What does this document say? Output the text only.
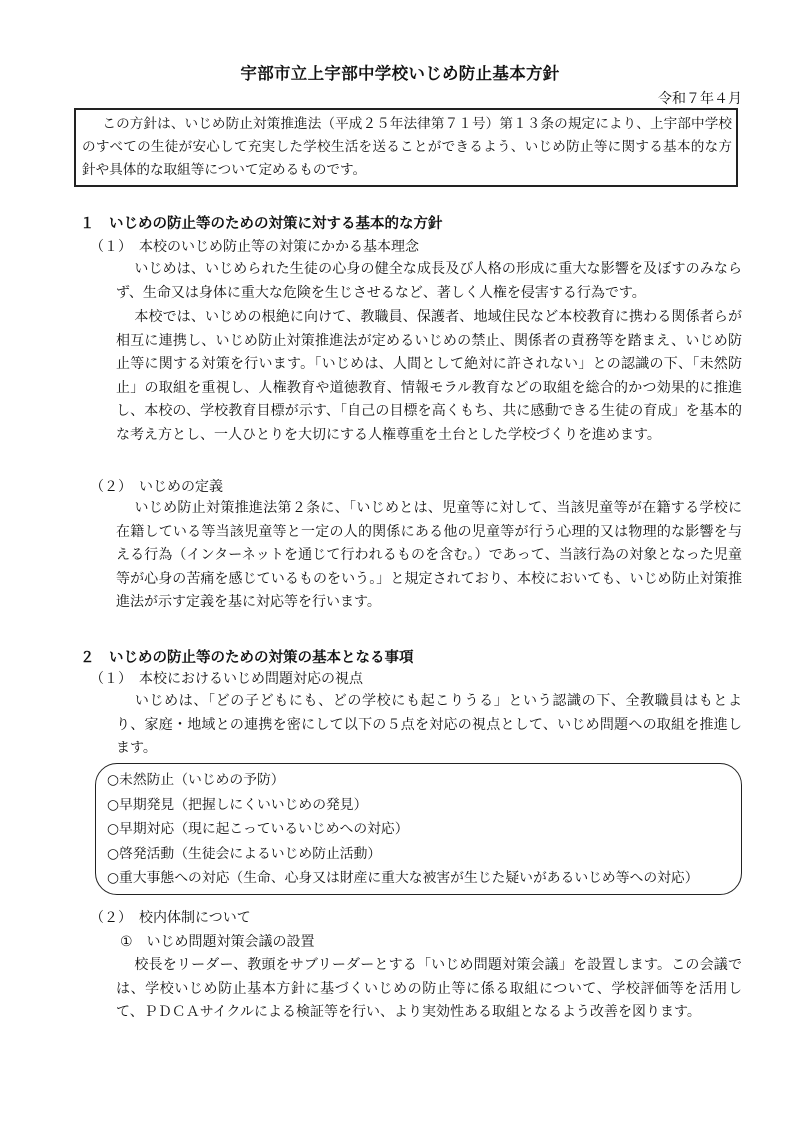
宇部市立上宇部中学校いじめ防止基本方針
令和７年４月

この方針は、いじめ防止対策推進法（平成２５年法律第７１号）第１３条の規定により、上宇部中学校のすべての生徒が安心して充実した学校生活を送ることができるよう、いじめ防止等に関する基本的な方針や具体的な取組等について定めるものです。

１　いじめの防止等のための対策に対する基本的な方針
（１）　本校のいじめ防止等の対策にかかる基本理念

いじめは、いじめられた生徒の心身の健全な成長及び人格の形成に重大な影響を及ぼすのみならず、生命又は身体に重大な危険を生じさせるなど、著しく人権を侵害する行為です。

本校では、いじめの根絶に向けて、教職員、保護者、地域住民など本校教育に携わる関係者らが相互に連携し、いじめ防止対策推進法が定めるいじめの禁止、関係者の責務等を踏まえ、いじめ防止等に関する対策を行います。「いじめは、人間として絶対に許されない」との認識の下、「未然防止」の取組を重視し、人権教育や道徳教育、情報モラル教育などの取組を総合的かつ効果的に推進し、本校の、学校教育目標が示す、「自己の目標を高くもち、共に感動できる生徒の育成」を基本的な考え方とし、一人ひとりを大切にする人権尊重を土台とした学校づくりを進めます。

（２）　いじめの定義

いじめ防止対策推進法第２条に、「いじめとは、児童等に対して、当該児童等が在籍する学校に在籍している等当該児童等と一定の人的関係にある他の児童等が行う心理的又は物理的な影響を与える行為（インターネットを通じて行われるものを含む。）であって、当該行為の対象となった児童等が心身の苦痛を感じているものをいう。」と規定されており、本校においても、いじめ防止対策推進法が示す定義を基に対応等を行います。

２　いじめの防止等のための対策の基本となる事項
（１）　本校におけるいじめ問題対応の視点

いじめは、「どの子どもにも、どの学校にも起こりうる」という認識の下、全教職員はもとより、家庭・地域との連携を密にして以下の５点を対応の視点として、いじめ問題への取組を推進します。

○未然防止（いじめの予防）
○早期発見（把握しにくいいじめの発見）
○早期対応（現に起こっているいじめへの対応）
○啓発活動（生徒会によるいじめ防止活動）
○重大事態への対応（生命、心身又は財産に重大な被害が生じた疑いがあるいじめ等への対応）
（２）　校内体制について
①　いじめ問題対策会議の設置

校長をリーダー、教頭をサブリーダーとする「いじめ問題対策会議」を設置します。この会議では、学校いじめ防止基本方針に基づくいじめの防止等に係る取組について、学校評価等を活用して、ＰＤＣＡサイクルによる検証等を行い、より実効性ある取組となるよう改善を図ります。
